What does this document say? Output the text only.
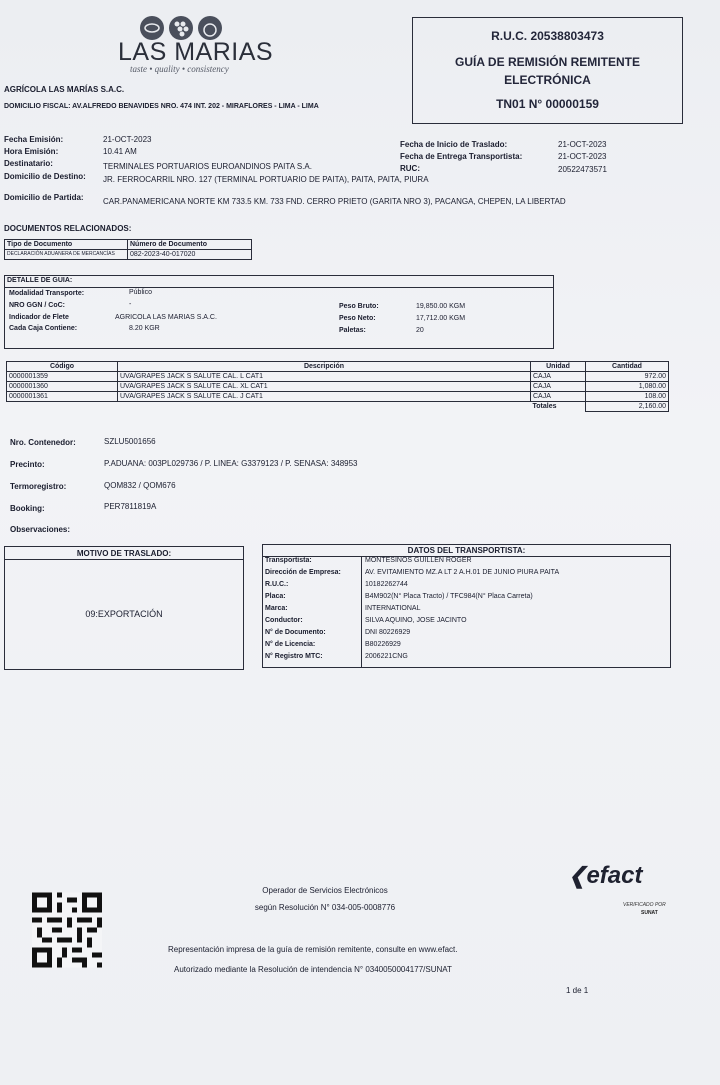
LAS MARIAS
taste • quality • consistency
AGRÍCOLA LAS MARÍAS S.A.C.
DOMICILIO FISCAL: AV.ALFREDO BENAVIDES NRO. 474 INT. 202 - MIRAFLORES - LIMA - LIMA
R.U.C. 20538803473
GUÍA DE REMISIÓN REMITENTE
ELECTRÓNICA
TN01 N° 00000159
Fecha Emisión:	21-OCT-2023
Hora Emisión:	10.41 AM
Destinatario:	TERMINALES PORTUARIOS EUROANDINOS PAITA S.A.
Domicilio de Destino: JR. FERROCARRIL NRO. 127 (TERMINAL PORTUARIO DE PAITA), PAITA, PAITA, PIURA
Domicilio de Partida: CAR.PANAMERICANA NORTE KM 733.5 KM. 733 FND. CERRO PRIETO (GARITA NRO 3), PACANGA, CHEPEN, LA LIBERTAD
Fecha de Inicio de Traslado:	21-OCT-2023
Fecha de Entrega Transportista:	21-OCT-2023
RUC:	20522473571
DOCUMENTOS RELACIONADOS:
Tipo de Documento	Número de Documento
DECLARACIÓN ADUANERA DE MERCANCÍAS	082-2023-40-017020
DETALLE DE GUIA:
Modalidad Transporte:	Público
NRO GGN / CoC:	-
Indicador de Flete	AGRICOLA LAS MARIAS S.A.C.
Cada Caja Contiene:	8.20 KGR
Peso Bruto:	19,850.00 KGM
Peso Neto:	17,712.00 KGM
Paletas:	20
Código	Descripción	Unidad	Cantidad
0000001359	UVA/GRAPES JACK S SALUTE CAL. L CAT1	CAJA	972.00
0000001360	UVA/GRAPES JACK S SALUTE CAL. XL CAT1	CAJA	1,080.00
0000001361	UVA/GRAPES JACK S SALUTE CAL. J CAT1	CAJA	108.00
		Totales	2,160.00
Nro. Contenedor:	SZLU5001656
Precinto:	P.ADUANA: 003PL029736 / P. LINEA: G3379123 / P. SENASA: 348953
Termoregistro:	QOM832 / QOM676
Booking:	PER7811819A
Observaciones:
MOTIVO DE TRASLADO:
09:EXPORTACIÓN
DATOS DEL TRANSPORTISTA:
Transportista:	MONTESINOS GUILLEN ROGER
Dirección de Empresa:	AV. EVITAMIENTO MZ.A LT 2 A.H.01 DE JUNIO PIURA PAITA
R.U.C.:	10182262744
Placa:	B4M902(N° Placa Tracto) / TFC984(N° Placa Carreta)
Marca:	INTERNATIONAL
Conductor:	SILVA AQUINO, JOSE JACINTO
N° de Documento:	DNI 80226929
N° de Licencia:	B80226929
N° Registro MTC:	2006221CNG
Operador de Servicios Electrónicos
según Resolución N° 034-005-0008776
Representación impresa de la guía de remisión remitente, consulte en www.efact.
Autorizado mediante la Resolución de intendencia N° 0340050004177/SUNAT
❮efact
VERIFICADO POR
SUNAT
1 de 1
